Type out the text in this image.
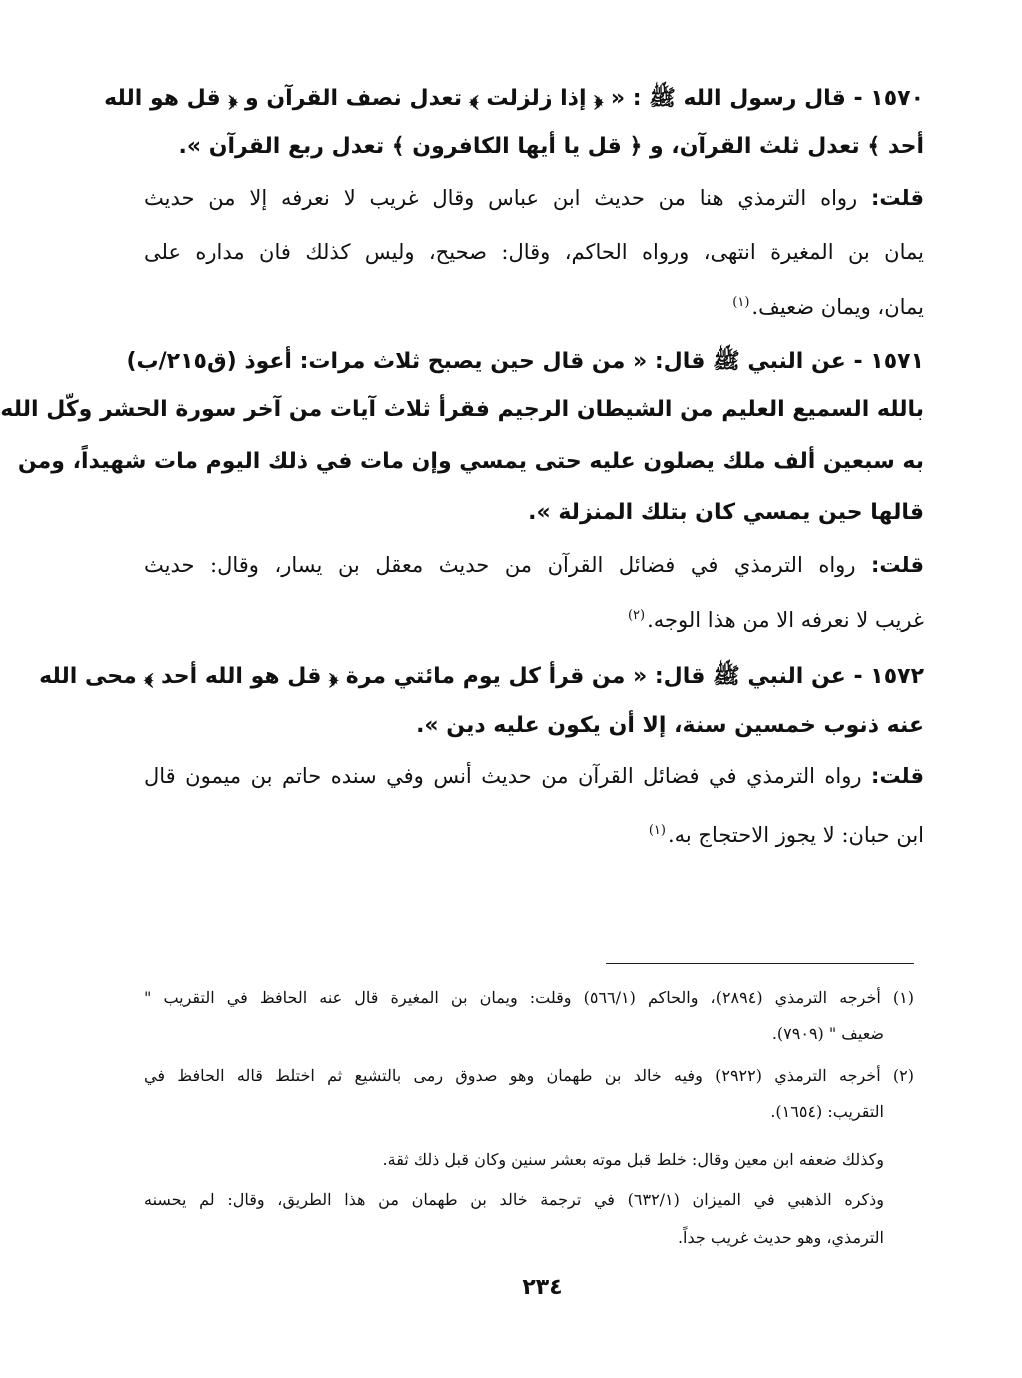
١٥٧٠ - قال رسول الله ﷺ : « ﴿ إذا زلزلت ﴾ تعدل نصف القرآن و ﴿ قل هو الله
أحد ﴾ تعدل ثلث القرآن، و ﴿ قل يا أيها الكافرون ﴾ تعدل ربع القرآن ».
قلت: رواه الترمذي هنا من حديث ابن عباس وقال غريب لا نعرفه إلا من حديث
يمان بن المغيرة انتهى، ورواه الحاكم، وقال: صحيح، وليس كذلك فان مداره على
يمان، ويمان ضعيف.$^{(١)}$
١٥٧١ - عن النبي ﷺ قال: « من قال حين يصبح ثلاث مرات: أعوذ (ق٢١٥/ب)
بالله السميع العليم من الشيطان الرجيم فقرأ ثلاث آيات من آخر سورة الحشر وكّل الله
به سبعين ألف ملك يصلون عليه حتى يمسي وإن مات في ذلك اليوم مات شهيداً، ومن
قالها حين يمسي كان بتلك المنزلة ».
قلت: رواه الترمذي في فضائل القرآن من حديث معقل بن يسار، وقال: حديث
غريب لا نعرفه الا من هذا الوجه.$^{(٢)}$
١٥٧٢ - عن النبي ﷺ قال: « من قرأ كل يوم مائتي مرة ﴿ قل هو الله أحد ﴾ محى الله
عنه ذنوب خمسين سنة، إلا أن يكون عليه دين ».
قلت: رواه الترمذي في فضائل القرآن من حديث أنس وفي سنده حاتم بن ميمون قال
ابن حبان: لا يجوز الاحتجاج به.$^{(١)}$
(١) أخرجه الترمذي (٢٨٩٤)، والحاكم (٥٦٦/١) وقلت: ويمان بن المغيرة قال عنه الحافظ في التقريب "
ضعيف " (٧٩٠٩).
(٢) أخرجه الترمذي (٢٩٢٢) وفيه خالد بن طهمان وهو صدوق رمى بالتشيع ثم اختلط قاله الحافظ في
التقريب: (١٦٥٤).
وكذلك ضعفه ابن معين وقال: خلط قبل موته بعشر سنين وكان قبل ذلك ثقة.
وذكره الذهبي في الميزان (٦٣٢/١) في ترجمة خالد بن طهمان من هذا الطريق، وقال: لم يحسنه
الترمذي، وهو حديث غريب جداً.
٢٣٤
